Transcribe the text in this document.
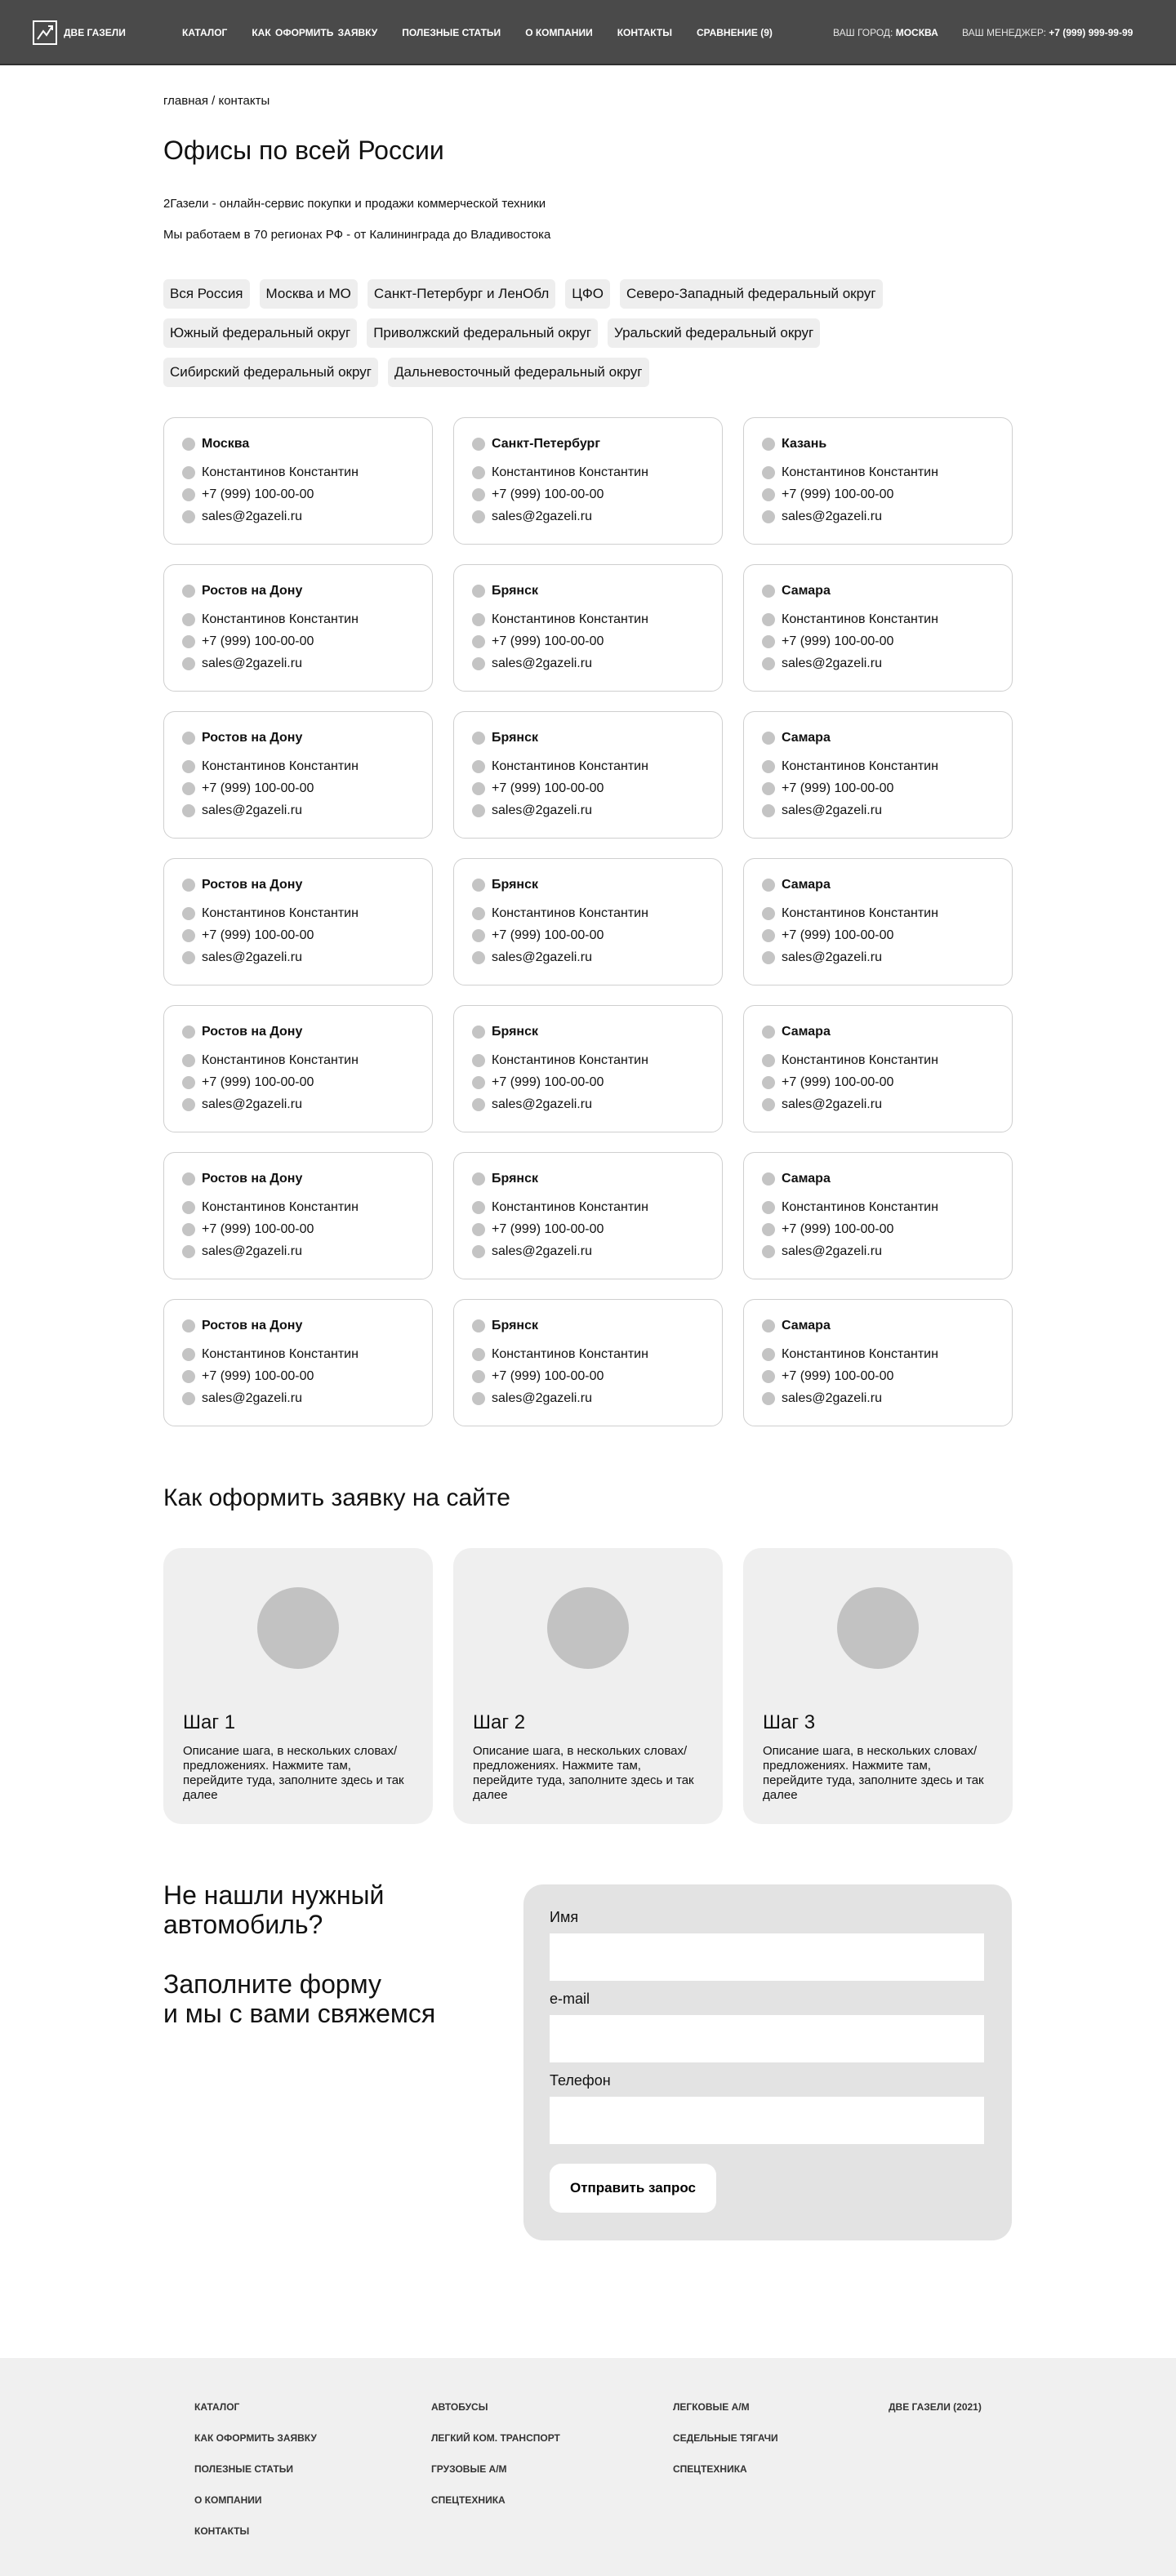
ДВЕ ГАЗЕЛИ	КАТАЛОГ	КАК ОФОРМИТЬ ЗАЯВКУ	ПОЛЕЗНЫЕ СТАТЬИ	О КОМПАНИИ	КОНТАКТЫ	СРАВНЕНИЕ (9)	ВАШ ГОРОД: МОСКВА ВАШ МЕНЕДЖЕР: +7 (999) 999-99-99
главная / контакты
Офисы по всей России

2Газели - онлайн-сервис покупки и продажи коммерческой техники

Мы работаем в 70 регионах РФ - от Калининграда до Владивостока

Вся Россия	Москва и МО	Санкт-Петербург и ЛенОбл	ЦФО	Северо-Западный федеральный округ
Южный федеральный округ	Приволжский федеральный округ	Уральский федеральный округ
Сибирский федеральный округ	Дальневосточный федеральный округ
Москва
Константинов Константин
+7 (999) 100-00-00
sales@2gazeli.ru
Санкт-Петербург
Константинов Константин
+7 (999) 100-00-00
sales@2gazeli.ru
Казань
Константинов Константин
+7 (999) 100-00-00
sales@2gazeli.ru
Ростов на Дону
Константинов Константин
+7 (999) 100-00-00
sales@2gazeli.ru
Брянск
Константинов Константин
+7 (999) 100-00-00
sales@2gazeli.ru
Самара
Константинов Константин
+7 (999) 100-00-00
sales@2gazeli.ru
Ростов на Дону
Константинов Константин
+7 (999) 100-00-00
sales@2gazeli.ru
Брянск
Константинов Константин
+7 (999) 100-00-00
sales@2gazeli.ru
Самара
Константинов Константин
+7 (999) 100-00-00
sales@2gazeli.ru
Ростов на Дону
Константинов Константин
+7 (999) 100-00-00
sales@2gazeli.ru
Брянск
Константинов Константин
+7 (999) 100-00-00
sales@2gazeli.ru
Самара
Константинов Константин
+7 (999) 100-00-00
sales@2gazeli.ru
Ростов на Дону
Константинов Константин
+7 (999) 100-00-00
sales@2gazeli.ru
Брянск
Константинов Константин
+7 (999) 100-00-00
sales@2gazeli.ru
Самара
Константинов Константин
+7 (999) 100-00-00
sales@2gazeli.ru
Ростов на Дону
Константинов Константин
+7 (999) 100-00-00
sales@2gazeli.ru
Брянск
Константинов Константин
+7 (999) 100-00-00
sales@2gazeli.ru
Самара
Константинов Константин
+7 (999) 100-00-00
sales@2gazeli.ru
Ростов на Дону
Константинов Константин
+7 (999) 100-00-00
sales@2gazeli.ru
Брянск
Константинов Константин
+7 (999) 100-00-00
sales@2gazeli.ru
Самара
Константинов Константин
+7 (999) 100-00-00
sales@2gazeli.ru
Как оформить заявку на сайте
Шаг 1
Описание шага, в нескольких словах/предложениях. Нажмите там, перейдите туда, заполните здесь и так далее
Шаг 2
Описание шага, в нескольких словах/предложениях. Нажмите там, перейдите туда, заполните здесь и так далее
Шаг 3
Описание шага, в нескольких словах/предложениях. Нажмите там, перейдите туда, заполните здесь и так далее
Не нашли нужный
автомобиль?
Заполните форму
и мы с вами свяжемся
Имя
e-mail
Телефон
Отправить запрос
КАТАЛОГ
КАК ОФОРМИТЬ ЗАЯВКУ
ПОЛЕЗНЫЕ СТАТЬИ
О КОМПАНИИ
КОНТАКТЫ
АВТОБУСЫ
ЛЕГКИЙ КОМ. ТРАНСПОРТ
ГРУЗОВЫЕ А/М
СПЕЦТЕХНИКА
ЛЕГКОВЫЕ А/М
СЕДЕЛЬНЫЕ ТЯГАЧИ
СПЕЦТЕХНИКА
ДВЕ ГАЗЕЛИ (2021)
